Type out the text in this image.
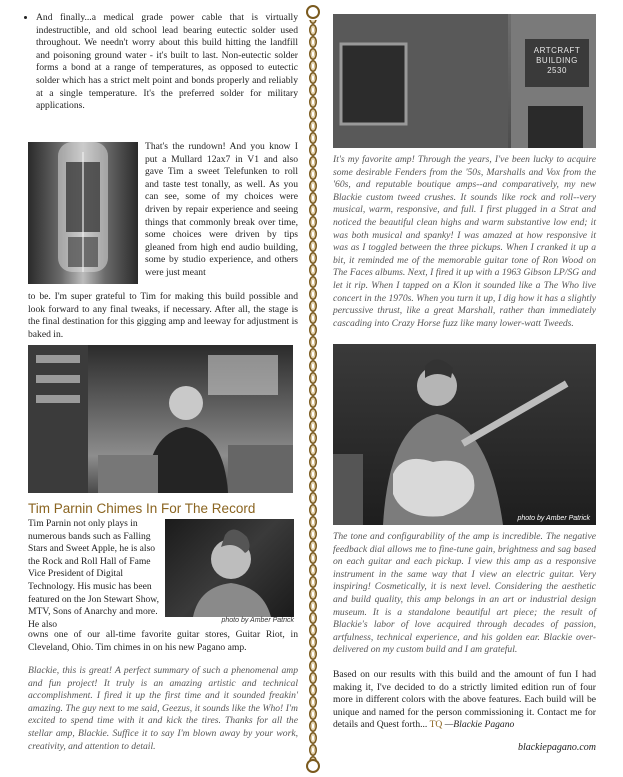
• And finally...a medical grade power cable that is virtually indestructible, and old school lead bearing eutectic solder used throughout. We needn't worry about this build hitting the landfill and poisoning ground water - it's built to last. Non-eutectic solder forms a bond at a range of temperatures, as opposed to eutectic solder which has a strict melt point and bonds properly and reliably at a single temperature. It's the preferred solder for military applications.
That's the rundown! And you know I put a Mullard 12ax7 in V1 and also gave Tim a sweet Telefunken to roll and taste test tonally, as well. As you can see, some of my choices were driven by repair experience and seeing things that commonly break over time, some choices were driven by tips gleaned from high end audio building, some by studio experience, and others were just meant
to be. I'm super grateful to Tim for making this build possible and look forward to any final tweaks, if necessary. After all, the stage is the final destination for this gigging amp and leeway for adjustment is baked in.
Tim Parnin Chimes In For The Record
Tim Parnin not only plays in numerous bands such as Falling Stars and Sweet Apple, he is also the Rock and Roll Hall of Fame Vice President of Digital Technology. His music has been featured on the Jon Stewart Show, MTV, Sons of Anarchy and more. He also	photo by Amber Patrick
owns one of our all-time favorite guitar stores, Guitar Riot, in Cleveland, Ohio. Tim chimes in on his new Pagano amp.
Blackie, this is great! A perfect summary of such a phenomenal amp and fun project! It truly is an amazing artistic and technical accomplishment. I fired it up the first time and it sounded freakin' amazing. The guy next to me said, Geezus, it sounds like the Who! I'm excited to spend time with it and kick the tires. Thanks for all the stellar amp, Blackie. Suffice it to say I'm blown away by your work, creativity, and attention to detail.
ARTCRAFT
BUILDING
2530
It's my favorite amp! Through the years, I've been lucky to acquire some desirable Fenders from the '50s, Marshalls and Vox from the '60s, and reputable boutique amps--and comparatively, my new Blackie custom tweed crushes. It sounds like rock and roll--very musical, warm, responsive, and full. I first plugged in a Strat and noticed the beautiful clean highs and warm substantive low end; it was both musical and spanky! I was amazed at how responsive it was as I toggled between the three pickups. When I cranked it up a bit, it reminded me of the memorable guitar tone of Ron Wood on The Faces albums. Next, I fired it up with a 1963 Gibson LP/SG and let it rip. When I tapped on a Klon it sounded like a The Who live concert in the 1970s. When you turn it up, I dig how it has a slightly percussive thrust, like a great Marshall, rather than immediately cascading into Crazy Horse fuzz like many lower-watt Tweeds.
photo by Amber Patrick
The tone and configurability of the amp is incredible. The negative feedback dial allows me to fine-tune gain, brightness and sag based on each guitar and each pickup. I view this amp as a responsive instrument in the same way that I view an electric guitar. Very inspiring! Cosmetically, it is next level. Considering the aesthetic and build quality, this amp belongs in an art or industrial design museum. It is a standalone beautiful art piece; the result of Blackie's labor of love acquired through decades of passion, artfulness, technical experience, and his golden ear. Blackie over-delivered on my custom build and I am grateful.

Based on our results with this build and the amount of fun I had making it, I've decided to do a strictly limited edition run of four more in different colors with the above features. Each build will be unique and named for the person commissioning it. Contact me for details and Quest forth... TQ —Blackie Pagano

blackiepagano.com
